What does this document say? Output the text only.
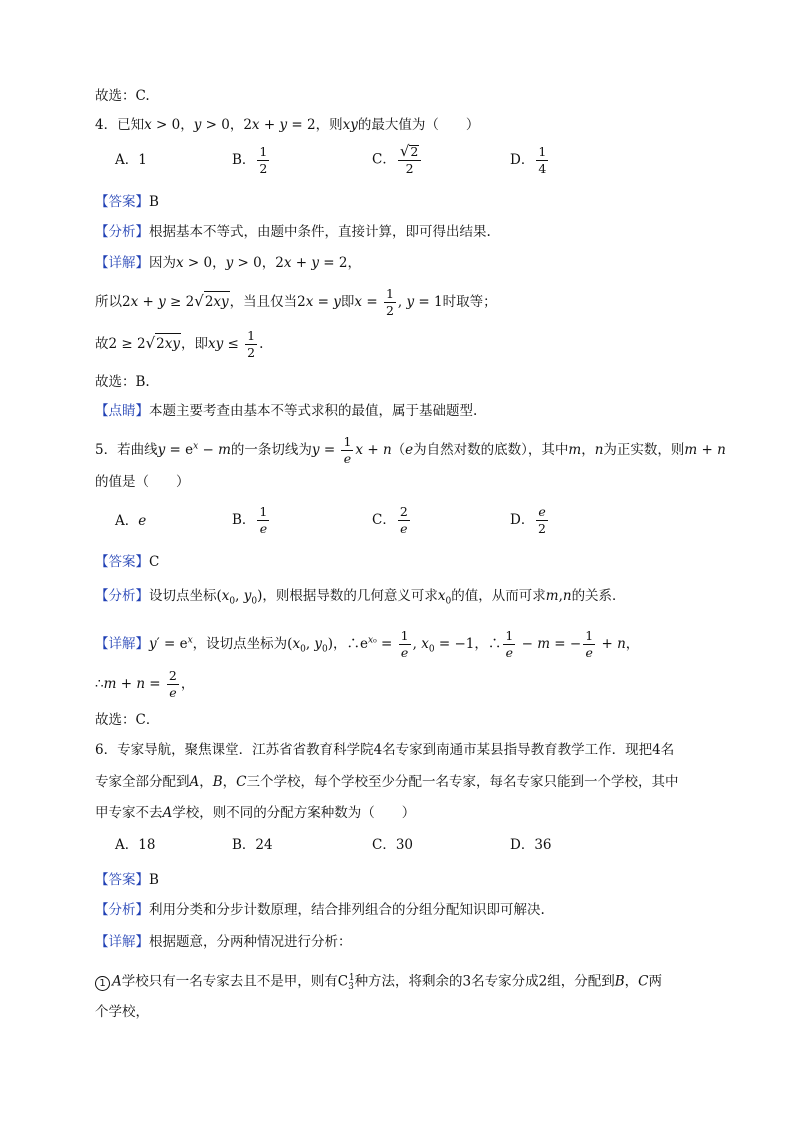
故选：C.
4．已知x > 0，y > 0，2x + y = 2，则xy的最大值为（　　）
A．1	B． $\frac{1}{2}$	C． $\frac{√2}{2}$	D． $\frac{1}{4}$
【答案】B
【分析】根据基本不等式，由题中条件，直接计算，即可得出结果.
【详解】因为x > 0，y > 0，2x + y = 2，
所以2x + y ≥ 2√2xy，当且仅当2x = y即$x = \frac{1}{2}$ , y = 1时取等；
故2 ≥ 2√2xy，即xy ≤ $\frac{1}{2}$ .
故选：B.
【点睛】本题主要考查由基本不等式求积的最值，属于基础题型.
5．若曲线$y = e^x - m$的一条切线为$y = \frac{1}{e}$ x + n（e为自然对数的底数），其中m，n为正实数，则m + n
的值是（　　）
A．e	B． $\frac{1}{e}$	C． $\frac{2}{e}$	D． $\frac{e}{2}$
【答案】C
【分析】设切点坐标($x_0$, $y_0$)，则根据导数的几何意义可求$x_0$的值，从而可求m,n的关系．
【详解】$y' = e^x$，设切点坐标为($x_0$, $y_0$)，$\therefore e^{x_0} = \frac{1}{e}$ , $x_0 = -1$，∴ $\frac{1}{e} - m$ = − $\frac{1}{e} + n$，
∴m + $n = \frac{2}{e}$ ，
故选：C．
6．专家导航，聚焦课堂．江苏省省教育科学院4名专家到南通市某县指导教育教学工作．现把4名
专家全部分配到A，B，C三个学校，每个学校至少分配一名专家，每名专家只能到一个学校，其中
甲专家不去A学校，则不同的分配方案种数为（　　）
A．18	B．24	C．30	D．36
【答案】B
【分析】利用分类和分步计数原理，结合排列组合的分组分配知识即可解决.
【详解】根据题意，分两种情况进行分析：
1 A学校只有一名专家去且不是甲，则有$C_3^1$种方法，将剩余的3名专家分成2组，分配到B，C两
个学校，
